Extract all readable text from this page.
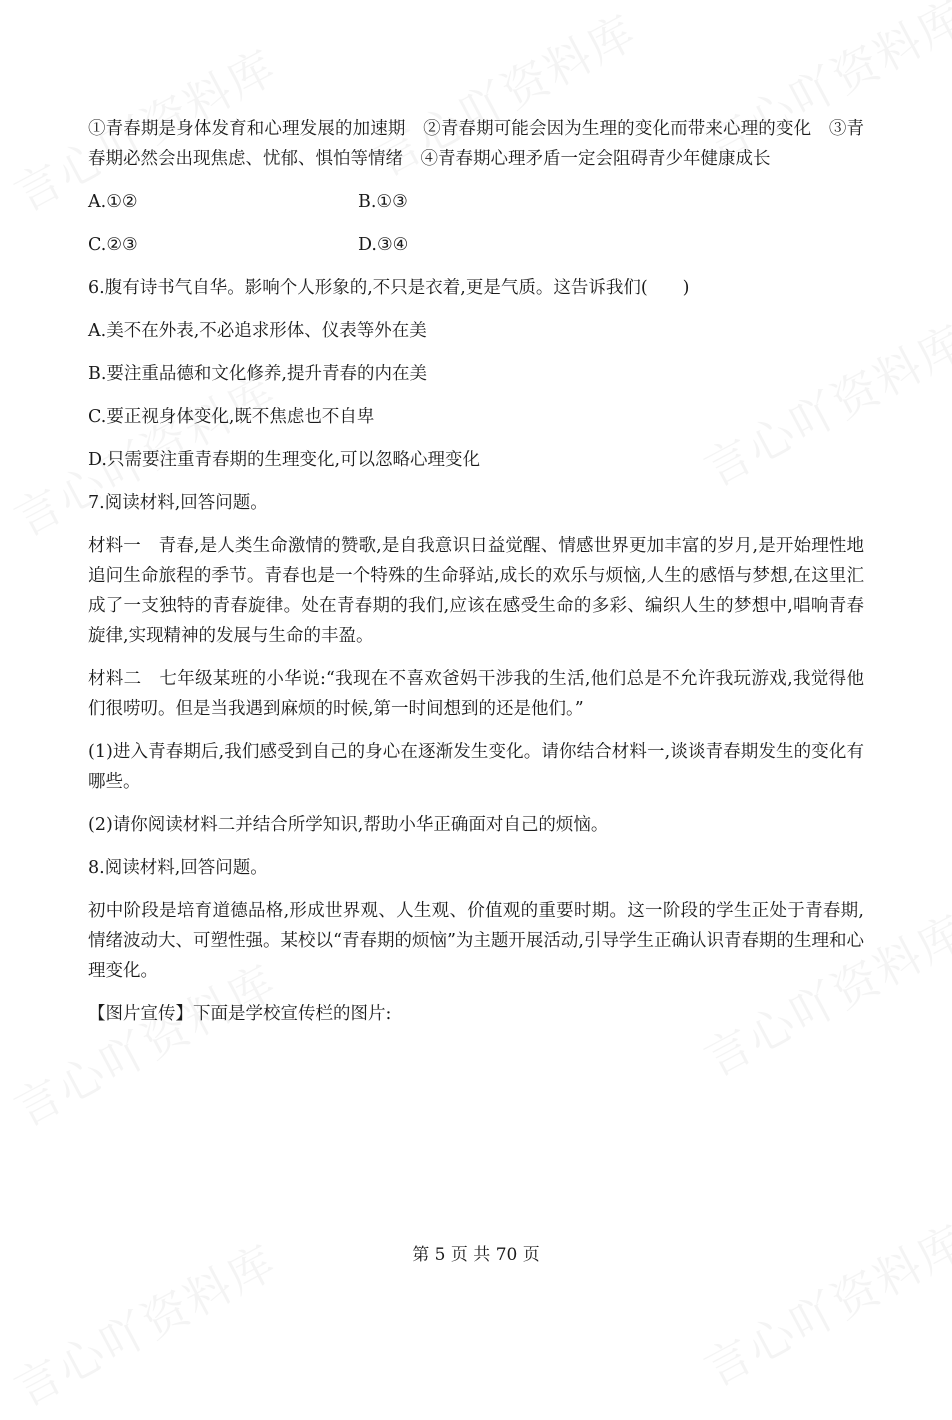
①青春期是身体发育和心理发展的加速期　②青春期可能会因为生理的变化而带来心理的变化　③青春期必然会出现焦虑、忧郁、惧怕等情绪　④青春期心理矛盾一定会阻碍青少年健康成长

A.①②	B.①③
C.②③	D.③④

6.腹有诗书气自华。影响个人形象的,不只是衣着,更是气质。这告诉我们(　　)

A.美不在外表,不必追求形体、仪表等外在美

B.要注重品德和文化修养,提升青春的内在美

C.要正视身体变化,既不焦虑也不自卑

D.只需要注重青春期的生理变化,可以忽略心理变化

7.阅读材料,回答问题。

材料一　青春,是人类生命激情的赞歌,是自我意识日益觉醒、情感世界更加丰富的岁月,是开始理性地追问生命旅程的季节。青春也是一个特殊的生命驿站,成长的欢乐与烦恼,人生的感悟与梦想,在这里汇成了一支独特的青春旋律。处在青春期的我们,应该在感受生命的多彩、编织人生的梦想中,唱响青春旋律,实现精神的发展与生命的丰盈。

材料二　七年级某班的小华说:“我现在不喜欢爸妈干涉我的生活,他们总是不允许我玩游戏,我觉得他们很唠叨。但是当我遇到麻烦的时候,第一时间想到的还是他们。”

(1)进入青春期后,我们感受到自己的身心在逐渐发生变化。请你结合材料一,谈谈青春期发生的变化有哪些。

(2)请你阅读材料二并结合所学知识,帮助小华正确面对自己的烦恼。

8.阅读材料,回答问题。

初中阶段是培育道德品格,形成世界观、人生观、价值观的重要时期。这一阶段的学生正处于青春期,情绪波动大、可塑性强。某校以“青春期的烦恼”为主题开展活动,引导学生正确认识青春期的生理和心理变化。

【图片宣传】下面是学校宣传栏的图片:

第 5 页 共 70 页
